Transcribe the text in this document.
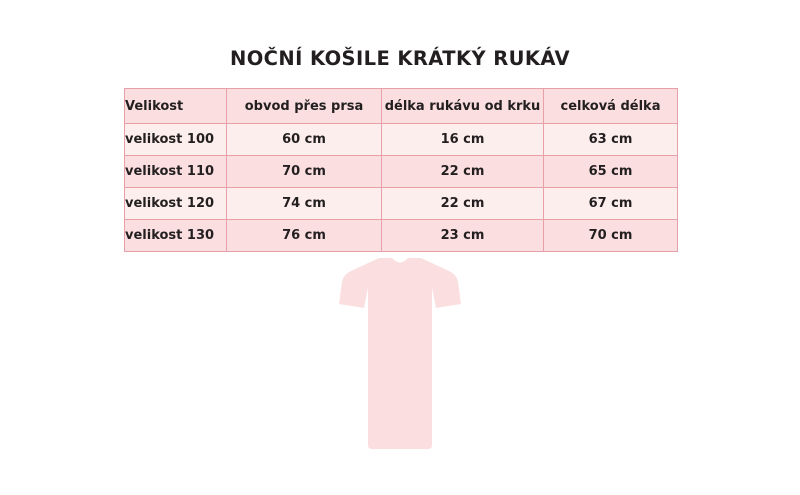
NOČNÍ KOŠILE KRÁTKÝ RUKÁV
Velikost	obvod přes prsa	délka rukávu od krku	celková délka
velikost 100	60 cm	16 cm	63 cm
velikost 110	70 cm	22 cm	65 cm
velikost 120	74 cm	22 cm	67 cm
velikost 130	76 cm	23 cm	70 cm
